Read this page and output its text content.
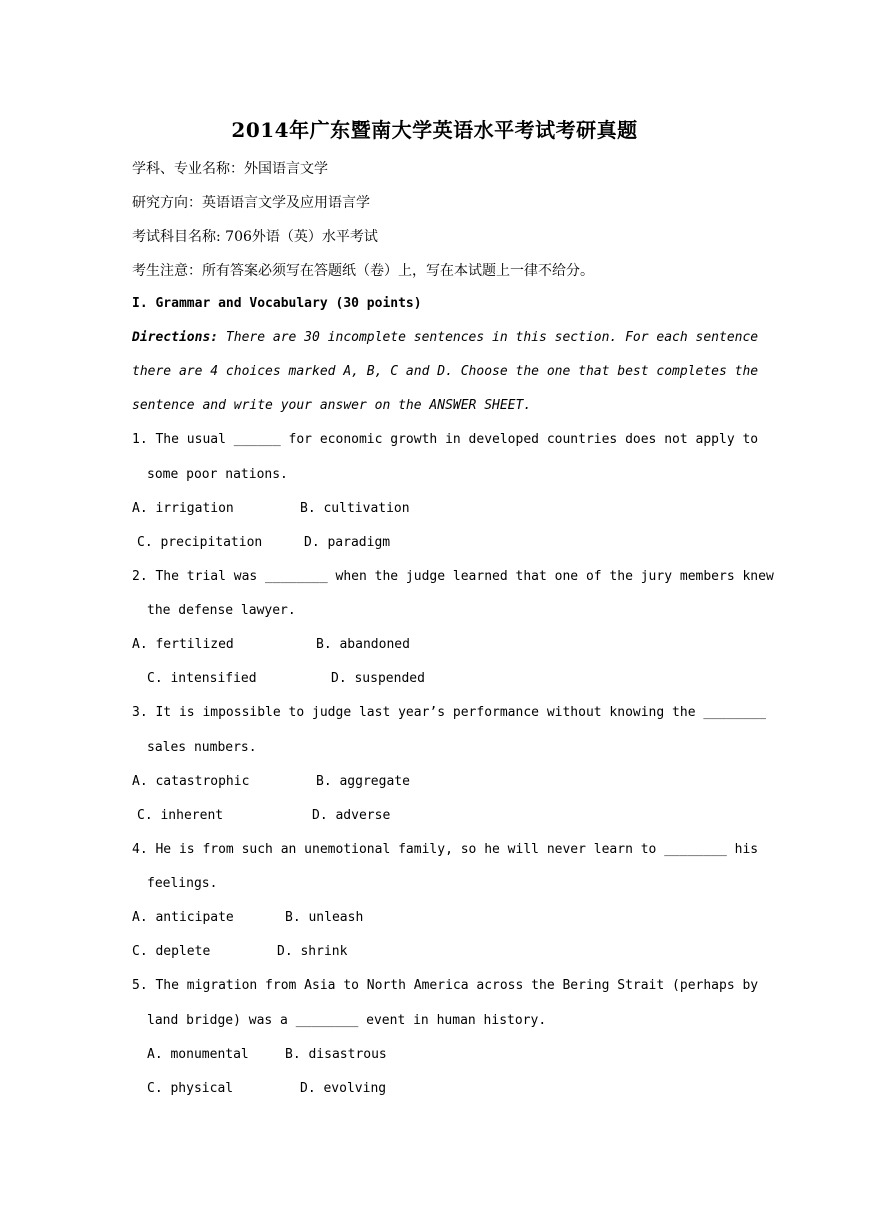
2014年广东暨南大学英语水平考试考研真题
学科、专业名称：外国语言文学
研究方向：英语语言文学及应用语言学
考试科目名称: 706外语（英）水平考试
考生注意：所有答案必须写在答题纸（卷）上，写在本试题上一律不给分。
I. Grammar and Vocabulary (30 points)
Directions: There are 30 incomplete sentences in this section. For each sentence
there are 4 choices marked A, B, C and D. Choose the one that best completes the
sentence and write your answer on the ANSWER SHEET.
1. The usual ______ for economic growth in developed countries does not apply to
some poor nations.
A. irrigation	B. cultivation
C. precipitation	D. paradigm
2. The trial was ________ when the judge learned that one of the jury members knew
the defense lawyer.
A. fertilized	B. abandoned
C. intensified	D. suspended
3. It is impossible to judge last year’s performance without knowing the ________
sales numbers.
A. catastrophic	B. aggregate
C. inherent	D. adverse
4. He is from such an unemotional family, so he will never learn to ________ his
feelings.
A. anticipate	B. unleash
C. deplete	D. shrink
5. The migration from Asia to North America across the Bering Strait (perhaps by
land bridge) was a ________ event in human history.
A. monumental	B. disastrous
C. physical	D. evolving
